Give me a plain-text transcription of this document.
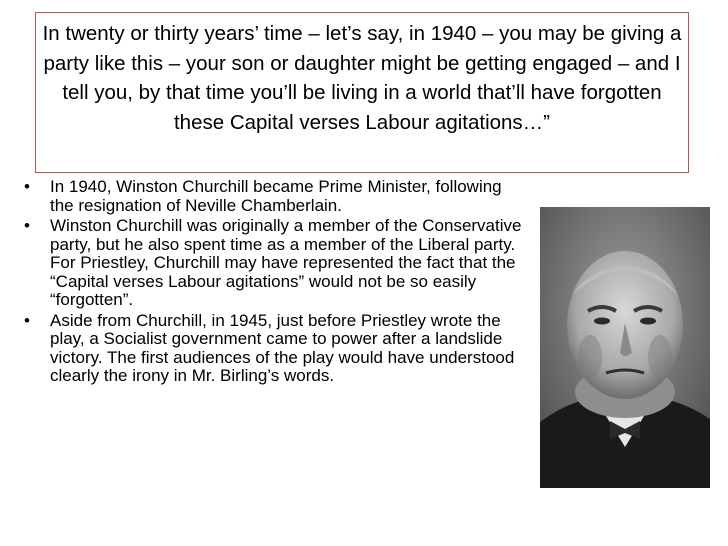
In twenty or thirty years’ time – let’s say, in 1940 – you may be giving a party like this – your son or daughter might be getting engaged – and I tell you, by that time you’ll be living in a world that’ll have forgotten these Capital verses Labour agitations…”

• In 1940, Winston Churchill became Prime Minister, following the resignation of Neville Chamberlain.
• Winston Churchill was originally a member of the Conservative party, but he also spent time as a member of the Liberal party. For Priestley, Churchill may have represented the fact that the “Capital verses Labour agitations” would not be so easily “forgotten”.
• Aside from Churchill, in 1945, just before Priestley wrote the play, a Socialist government came to power after a landslide victory. The first audiences of the play would have understood clearly the irony in Mr. Birling’s words.
